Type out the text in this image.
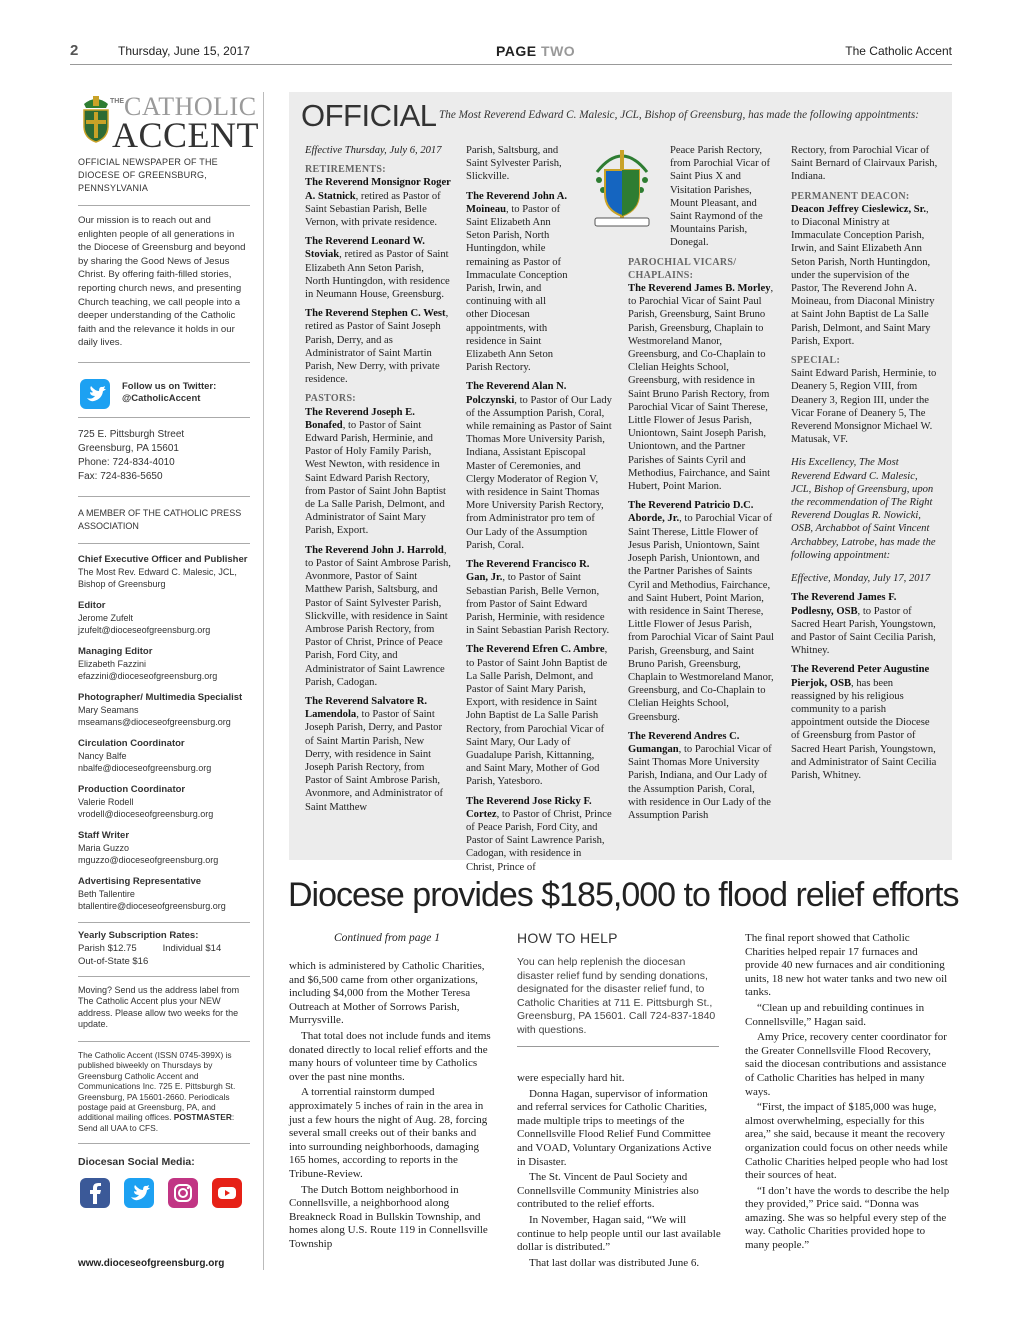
2	Thursday, June 15, 2017	PAGE TWO	The Catholic Accent
THE CATHOLIC
ACCENT
OFFICIAL NEWSPAPER OF THE DIOCESE OF GREENSBURG, PENNSYLVANIA
Our mission is to reach out and enlighten people of all generations in the Diocese of Greensburg and beyond by sharing the Good News of Jesus Christ. By offering faith-filled stories, reporting church news, and presenting Church teaching, we call people into a deeper understanding of the Catholic faith and the relevance it holds in our daily lives.
Follow us on Twitter:
@CatholicAccent
725 E. Pittsburgh Street
Greensburg, PA 15601
Phone: 724-834-4010
Fax: 724-836-5650
A MEMBER OF THE CATHOLIC PRESS ASSOCIATION
Chief Executive Officer and Publisher
The Most Rev. Edward C. Malesic, JCL, Bishop of Greensburg
Editor
Jerome Zufelt jzufelt@dioceseofgreensburg.org
Managing Editor
Elizabeth Fazzini efazzini@dioceseofgreensburg.org
Photographer/ Multimedia Specialist
Mary Seamans mseamans@dioceseofgreensburg.org
Circulation Coordinator
Nancy Balfe nbalfe@dioceseofgreensburg.org
Production Coordinator
Valerie Rodell vrodell@dioceseofgreensburg.org
Staff Writer
Maria Guzzo mguzzo@dioceseofgreensburg.org
Advertising Representative
Beth Tallentire btallentire@dioceseofgreensburg.org
Yearly Subscription Rates:
Parish $12.75	Individual $14
Out-of-State $16
Moving? Send us the address label from The Catholic Accent plus your NEW address. Please allow two weeks for the update.
The Catholic Accent (ISSN 0745-399X) is published biweekly on Thursdays by Greensburg Catholic Accent and Communications Inc. 725 E. Pittsburgh St. Greensburg, PA 15601-2660. Periodicals postage paid at Greensburg, PA, and additional mailing offices. POSTMASTER: Send all UAA to CFS.
Diocesan Social Media:
www.dioceseofgreensburg.org
OFFICIAL The Most Reverend Edward C. Malesic, JCL, Bishop of Greensburg, has made the following appointments:

Effective Thursday, July 6, 2017

RETIREMENTS:

The Reverend Monsignor Roger A. Statnick, retired as Pastor of Saint Sebastian Parish, Belle Vernon, with private residence.

The Reverend Leonard W. Stoviak, retired as Pastor of Saint Elizabeth Ann Seton Parish, North Huntingdon, with residence in Neumann House, Greensburg.

The Reverend Stephen C. West, retired as Pastor of Saint Joseph Parish, Derry, and as Administrator of Saint Martin Parish, New Derry, with private residence.

PASTORS:

The Reverend Joseph E. Bonafed, to Pastor of Saint Edward Parish, Herminie, and Pastor of Holy Family Parish, West Newton, with residence in Saint Edward Parish Rectory, from Pastor of Saint John Baptist de La Salle Parish, Delmont, and Administrator of Saint Mary Parish, Export.

The Reverend John J. Harrold, to Pastor of Saint Ambrose Parish, Avonmore, Pastor of Saint Matthew Parish, Saltsburg, and Pastor of Saint Sylvester Parish, Slickville, with residence in Saint Ambrose Parish Rectory, from Pastor of Christ, Prince of Peace Parish, Ford City, and Administrator of Saint Lawrence Parish, Cadogan.

The Reverend Salvatore R. Lamendola, to Pastor of Saint Joseph Parish, Derry, and Pastor of Saint Martin Parish, New Derry, with residence in Saint Joseph Parish Rectory, from Pastor of Saint Ambrose Parish, Avonmore, and Administrator of Saint Matthew

Parish, Saltsburg, and Saint Sylvester Parish, Slickville.

The Reverend John A. Moineau, to Pastor of Saint Elizabeth Ann Seton Parish, North Huntingdon, while remaining as Pastor of Immaculate Conception Parish, Irwin, and continuing with all other Diocesan appointments, with residence in Saint Elizabeth Ann Seton Parish Rectory.

The Reverend Alan N. Polczynski, to Pastor of Our Lady of the Assumption Parish, Coral, while remaining as Pastor of Saint Thomas More University Parish, Indiana, Assistant Episcopal Master of Ceremonies, and Clergy Moderator of Region V, with residence in Saint Thomas More University Parish Rectory, from Administrator pro tem of Our Lady of the Assumption Parish, Coral.

The Reverend Francisco R. Gan, Jr., to Pastor of Saint Sebastian Parish, Belle Vernon, from Pastor of Saint Edward Parish, Herminie, with residence in Saint Sebastian Parish Rectory.

The Reverend Efren C. Ambre, to Pastor of Saint John Baptist de La Salle Parish, Delmont, and Pastor of Saint Mary Parish, Export, with residence in Saint John Baptist de La Salle Parish Rectory, from Parochial Vicar of Saint Mary, Our Lady of Guadalupe Parish, Kittanning, and Saint Mary, Mother of God Parish, Yatesboro.

The Reverend Jose Ricky F. Cortez, to Pastor of Christ, Prince of Peace Parish, Ford City, and Pastor of Saint Lawrence Parish, Cadogan, with residence in Christ, Prince of

Peace Parish Rectory, from Parochial Vicar of Saint Pius X and Visitation Parishes, Mount Pleasant, and Saint Raymond of the Mountains Parish, Donegal.

PAROCHIAL VICARS/ CHAPLAINS:

The Reverend James B. Morley, to Parochial Vicar of Saint Paul Parish, Greensburg, Saint Bruno Parish, Greensburg, Chaplain to Westmoreland Manor, Greensburg, and Co-Chaplain to Clelian Heights School, Greensburg, with residence in Saint Bruno Parish Rectory, from Parochial Vicar of Saint Therese, Little Flower of Jesus Parish, Uniontown, Saint Joseph Parish, Uniontown, and the Partner Parishes of Saints Cyril and Methodius, Fairchance, and Saint Hubert, Point Marion.

The Reverend Patricio D.C. Aborde, Jr., to Parochial Vicar of Saint Therese, Little Flower of Jesus Parish, Uniontown, Saint Joseph Parish, Uniontown, and the Partner Parishes of Saints Cyril and Methodius, Fairchance, and Saint Hubert, Point Marion, with residence in Saint Therese, Little Flower of Jesus Parish, from Parochial Vicar of Saint Paul Parish, Greensburg, and Saint Bruno Parish, Greensburg, Chaplain to Westmoreland Manor, Greensburg, and Co-Chaplain to Clelian Heights School, Greensburg.

The Reverend Andres C. Gumangan, to Parochial Vicar of Saint Thomas More University Parish, Indiana, and Our Lady of the Assumption Parish, Coral, with residence in Our Lady of the Assumption Parish

Rectory, from Parochial Vicar of Saint Bernard of Clairvaux Parish, Indiana.

PERMANENT DEACON:

Deacon Jeffrey Cieslewicz, Sr., to Diaconal Ministry at Immaculate Conception Parish, Irwin, and Saint Elizabeth Ann Seton Parish, North Huntingdon, under the supervision of the Pastor, The Reverend John A. Moineau, from Diaconal Ministry at Saint John Baptist de La Salle Parish, Delmont, and Saint Mary Parish, Export.

SPECIAL:

Saint Edward Parish, Herminie, to Deanery 5, Region VIII, from Deanery 3, Region III, under the Vicar Forane of Deanery 5, The Reverend Monsignor Michael W. Matusak, VF.

His Excellency, The Most Reverend Edward C. Malesic, JCL, Bishop of Greensburg, upon the recommendation of The Right Reverend Douglas R. Nowicki, OSB, Archabbot of Saint Vincent Archabbey, Latrobe, has made the following appointment:

Effective, Monday, July 17, 2017

The Reverend James F. Podlesny, OSB, to Pastor of Sacred Heart Parish, Youngstown, and Pastor of Saint Cecilia Parish, Whitney.

The Reverend Peter Augustine Pierjok, OSB, has been reassigned by his religious community to a parish appointment outside the Diocese of Greensburg from Pastor of Sacred Heart Parish, Youngstown, and Administrator of Saint Cecilia Parish, Whitney.

Diocese provides $185,000 to flood relief efforts
Continued from page 1

which is administered by Catholic Charities, and $6,500 came from other organizations, including $4,000 from the Mother Teresa Outreach at Mother of Sorrows Parish, Murrysville.

That total does not include funds and items donated directly to local relief efforts and the many hours of volunteer time by Catholics over the past nine months.

A torrential rainstorm dumped approximately 5 inches of rain in the area in just a few hours the night of Aug. 28, forcing several small creeks out of their banks and into surrounding neighborhoods, damaging 165 homes, according to reports in the Tribune-Review.

The Dutch Bottom neighborhood in Connellsville, a neighborhood along Breakneck Road in Bullskin Township, and homes along U.S. Route 119 in Connellsville Township

HOW TO HELP
You can help replenish the diocesan disaster relief fund by sending donations, designated for the disaster relief fund, to Catholic Charities at 711 E. Pittsburgh St., Greensburg, PA 15601. Call 724-837-1840 with questions.

were especially hard hit.

Donna Hagan, supervisor of information and referral services for Catholic Charities, made multiple trips to meetings of the Connellsville Flood Relief Fund Committee and VOAD, Voluntary Organizations Active in Disaster.

The St. Vincent de Paul Society and Connellsville Community Ministries also contributed to the relief efforts.

In November, Hagan said, “We will continue to help people until our last available dollar is distributed.”

That last dollar was distributed June 6.

The final report showed that Catholic Charities helped repair 17 furnaces and provide 40 new furnaces and air conditioning units, 18 new hot water tanks and two new oil tanks.

“Clean up and rebuilding continues in Connellsville,” Hagan said.

Amy Price, recovery center coordinator for the Greater Connellsville Flood Recovery, said the diocesan contributions and assistance of Catholic Charities has helped in many ways.

“First, the impact of $185,000 was huge, almost overwhelming, especially for this area,” she said, because it meant the recovery organization could focus on other needs while Catholic Charities helped people who had lost their sources of heat.

“I don’t have the words to describe the help they provided,” Price said. “Donna was amazing. She was so helpful every step of the way. Catholic Charities provided hope to many people.”
